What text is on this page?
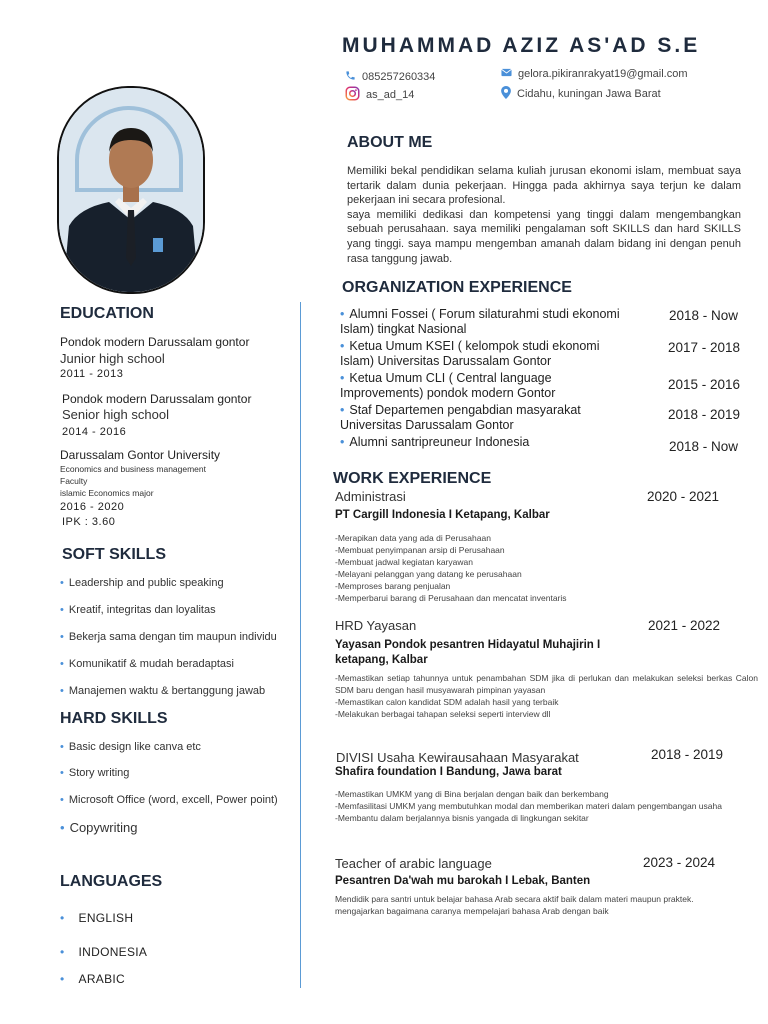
MUHAMMAD AZIZ AS'AD S.E
085257260334
as_ad_14
gelora.pikiranrakyat19@gmail.com
Cidahu, kuningan Jawa Barat
ABOUT ME

Memiliki bekal pendidikan selama kuliah jurusan ekonomi islam, membuat saya tertarik dalam dunia pekerjaan. Hingga pada akhirnya saya terjun ke dalam pekerjaan ini secara profesional.

saya memiliki dedikasi dan kompetensi yang tinggi dalam mengembangkan sebuah perusahaan. saya memiliki pengalaman soft SKILLS dan hard SKILLS yang tinggi. saya mampu mengemban amanah dalam bidang ini dengan penuh rasa tanggung jawab.

EDUCATION
Pondok modern Darussalam gontor
Junior high school
2011 - 2013
Pondok modern Darussalam gontor
Senior high school
2014 - 2016
Darussalam Gontor University
Economics and business management
Faculty
islamic Economics major
2016 - 2020
IPK : 3.60
SOFT SKILLS
• Leadership and public speaking
• Kreatif, integritas dan loyalitas
• Bekerja sama dengan tim maupun individu
• Komunikatif & mudah beradaptasi
• Manajemen waktu & bertanggung jawab
HARD SKILLS
• Basic design like canva etc
• Story writing
• Microsoft Office (word, excell, Power point)
• Copywriting
LANGUAGES
• ENGLISH
• INDONESIA
• ARABIC
ORGANIZATION EXPERIENCE
• Alumni Fossei ( Forum silaturahmi studi ekonomi Islam) tingkat Nasional
2018 - Now
• Ketua Umum KSEI ( kelompok studi ekonomi Islam) Universitas Darussalam Gontor
2017 - 2018
• Ketua Umum CLI ( Central language Improvements) pondok modern Gontor
2015 - 2016
• Staf Departemen pengabdian masyarakat Universitas Darussalam Gontor
2018 - 2019
• Alumni santripreuneur Indonesia	2018 - Now
WORK EXPERIENCE
Administrasi	2020 - 2021
PT Cargill Indonesia I Ketapang, Kalbar
-Merapikan data yang ada di Perusahaan
-Membuat penyimpanan arsip di Perusahaan
-Membuat jadwal kegiatan karyawan
-Melayani pelanggan yang datang ke perusahaan
-Memproses barang penjualan
-Memperbarui barang di Perusahaan dan mencatat inventaris
HRD Yayasan	2021 - 2022
Yayasan Pondok pesantren Hidayatul Muhajirin I ketapang, Kalbar
-Memastikan setiap tahunnya untuk penambahan SDM jika di perlukan dan melakukan seleksi berkas Calon SDM baru dengan hasil musyawarah pimpinan yayasan
-Memastikan calon kandidat SDM adalah hasil yang terbaik
-Melakukan berbagai tahapan seleksi seperti interview dll
DIVISI Usaha Kewirausahaan Masyarakat	2018 - 2019
Shafira foundation I Bandung, Jawa barat
-Memastikan UMKM yang di Bina berjalan dengan baik dan berkembang
-Memfasilitasi UMKM yang membutuhkan modal dan memberikan materi dalam pengembangan usaha
-Membantu dalam berjalannya bisnis yangada di lingkungan sekitar
Teacher of arabic language	2023 - 2024
Pesantren Da'wah mu barokah I Lebak, Banten
Mendidik para santri untuk belajar bahasa Arab secara aktif baik dalam materi maupun praktek.
mengajarkan bagaimana caranya mempelajari bahasa Arab dengan baik
